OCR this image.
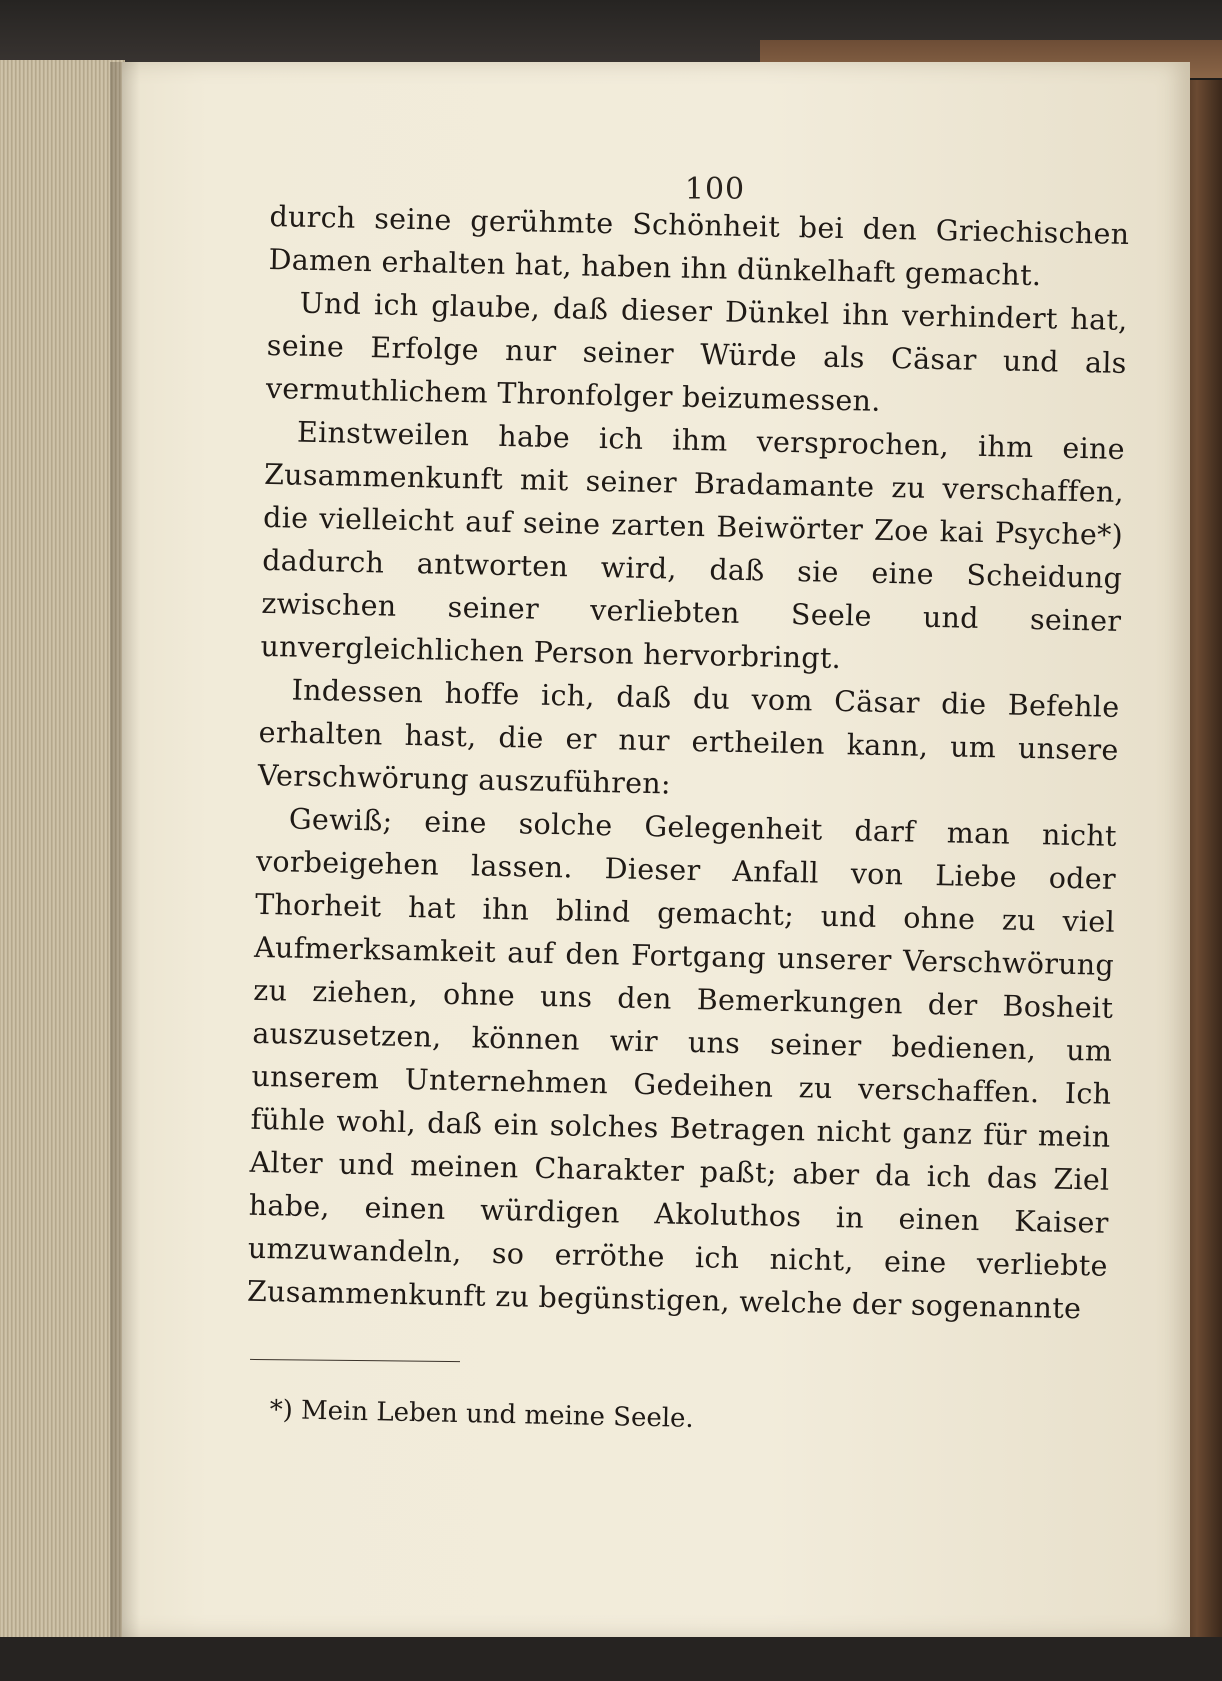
100

durch seine gerühmte Schönheit bei den Griechischen Damen erhalten hat, haben ihn dünkelhaft gemacht.

Und ich glaube, daß dieser Dünkel ihn verhindert hat, seine Erfolge nur seiner Würde als Cäsar und als vermuthlichem Thronfolger beizumessen.

Einstweilen habe ich ihm versprochen, ihm eine Zusammenkunft mit seiner Bradamante zu verschaffen, die vielleicht auf seine zarten Beiwörter Zoe kai Psyche*) dadurch antworten wird, daß sie eine Scheidung zwischen seiner verliebten Seele und seiner unvergleichlichen Person hervorbringt.

Indessen hoffe ich, daß du vom Cäsar die Befehle erhalten hast, die er nur ertheilen kann, um unsere Verschwörung auszuführen:

Gewiß; eine solche Gelegenheit darf man nicht vorbeigehen lassen. Dieser Anfall von Liebe oder Thorheit hat ihn blind gemacht; und ohne zu viel Aufmerksamkeit auf den Fortgang unserer Verschwörung zu ziehen, ohne uns den Bemerkungen der Bosheit auszusetzen, können wir uns seiner bedienen, um unserem Unternehmen Gedeihen zu verschaffen. Ich fühle wohl, daß ein solches Betragen nicht ganz für mein Alter und meinen Charakter paßt; aber da ich das Ziel habe, einen würdigen Akoluthos in einen Kaiser umzuwandeln, so erröthe ich nicht, eine verliebte Zusammenkunft zu begünstigen, welche der sogenannte

*) Mein Leben und meine Seele.
